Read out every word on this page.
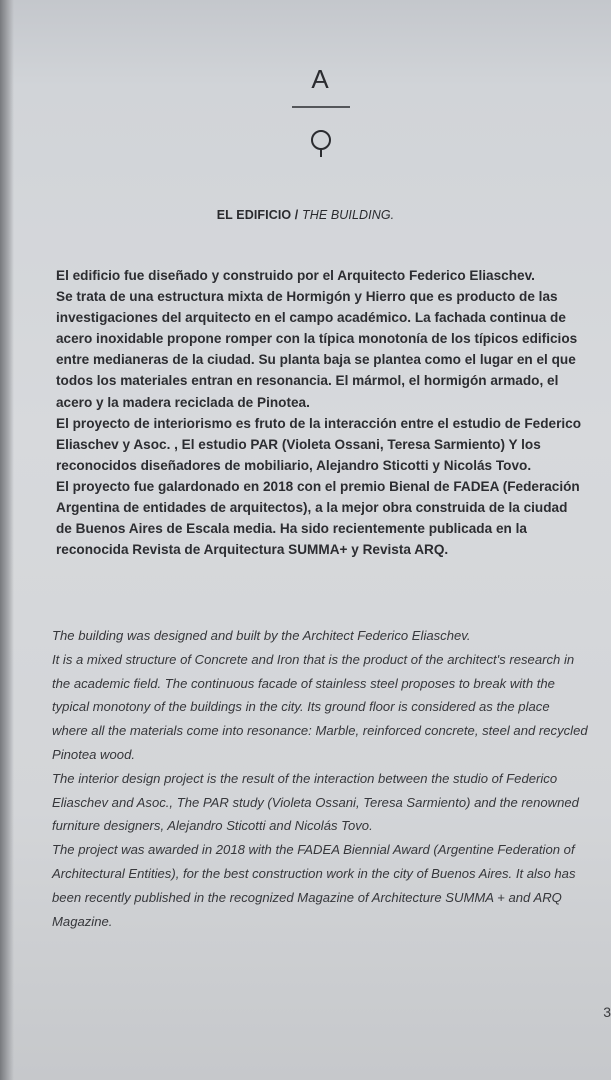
A
EL EDIFICIO / THE BUILDING.
El edificio fue diseñado y construido por el Arquitecto Federico Eliaschev.
Se trata de una estructura mixta de Hormigón y Hierro que es producto de las
investigaciones del arquitecto en el campo académico. La fachada continua de
acero inoxidable propone romper con la típica monotonía de los típicos edificios
entre medianeras de la ciudad. Su planta baja se plantea como el lugar en el que
todos los materiales entran en resonancia. El mármol, el hormigón armado, el
acero y la madera reciclada de Pinotea.
El proyecto de interiorismo es fruto de la interacción entre el estudio de Federico
Eliaschev y Asoc. , El estudio PAR (Violeta Ossani, Teresa Sarmiento) Y los
reconocidos diseñadores de mobiliario, Alejandro Sticotti y Nicolás Tovo.
El proyecto fue galardonado en 2018 con el premio Bienal de FADEA (Federación
Argentina de entidades de arquitectos), a la mejor obra construida de la ciudad
de Buenos Aires de Escala media. Ha sido recientemente publicada en la
reconocida Revista de Arquitectura SUMMA+ y Revista ARQ.
The building was designed and built by the Architect Federico Eliaschev.
It is a mixed structure of Concrete and Iron that is the product of the architect's research in
the academic field. The continuous facade of stainless steel proposes to break with the
typical monotony of the buildings in the city. Its ground floor is considered as the place
where all the materials come into resonance: Marble, reinforced concrete, steel and recycled
Pinotea wood.
The interior design project is the result of the interaction between the studio of Federico
Eliaschev and Asoc., The PAR study (Violeta Ossani, Teresa Sarmiento) and the renowned
furniture designers, Alejandro Sticotti and Nicolás Tovo.
The project was awarded in 2018 with the FADEA Biennial Award (Argentine Federation of
Architectural Entities), for the best construction work in the city of Buenos Aires. It also has
been recently published in the recognized Magazine of Architecture SUMMA + and ARQ
Magazine.
3
